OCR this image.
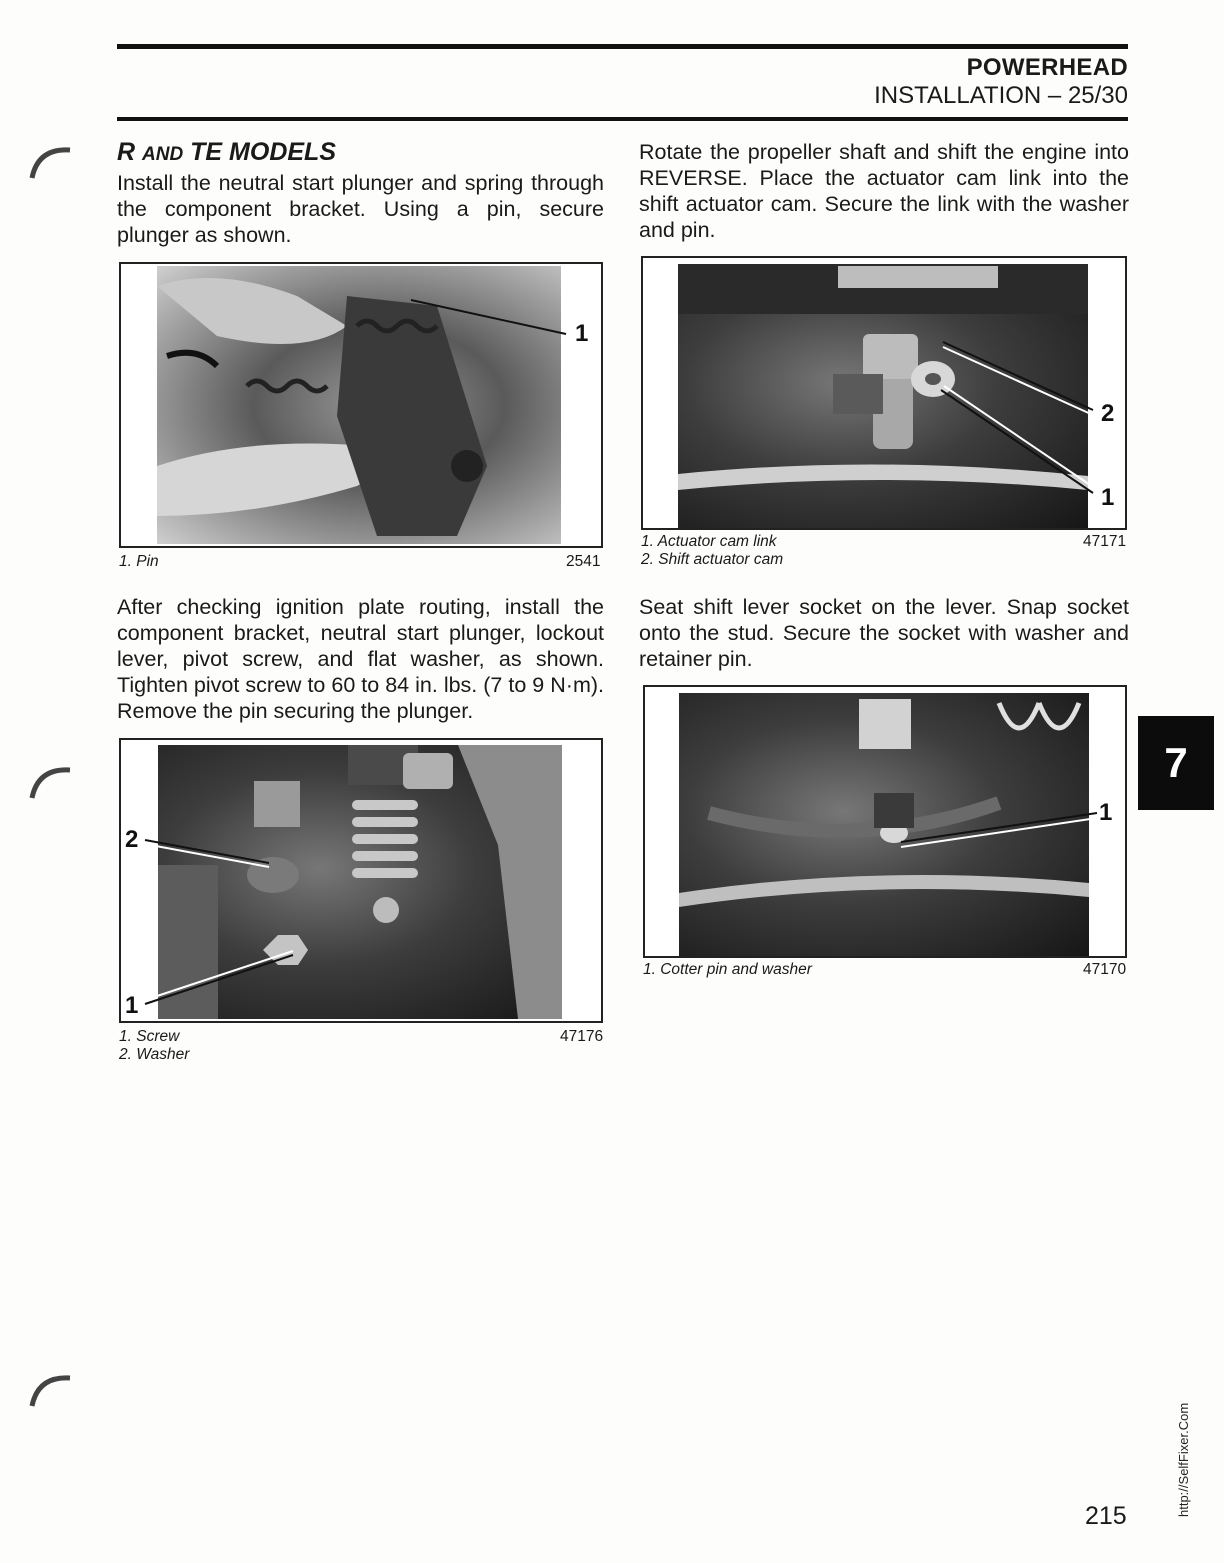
POWERHEAD
INSTALLATION – 25/30
R AND TE MODELS
Install the neutral start plunger and spring through the component bracket. Using a pin, secure plunger as shown.
Rotate the propeller shaft and shift the engine into REVERSE. Place the actuator cam link into the shift actuator cam. Secure the link with the washer and pin.
After checking ignition plate routing, install the component bracket, neutral start plunger, lockout lever, pivot screw, and flat washer, as shown. Tighten pivot screw to 60 to 84 in. lbs. (7 to 9 N·m). Remove the pin securing the plunger.
Seat shift lever socket on the lever. Snap socket onto the stud. Secure the socket with washer and retainer pin.
1
1. Pin	2541
2
1
1. Actuator cam link
2. Shift actuator cam
47171
2
1
1. Screw
2. Washer
47176
1
1. Cotter pin and washer	47170
7
215	http://SelfFixer.Com
